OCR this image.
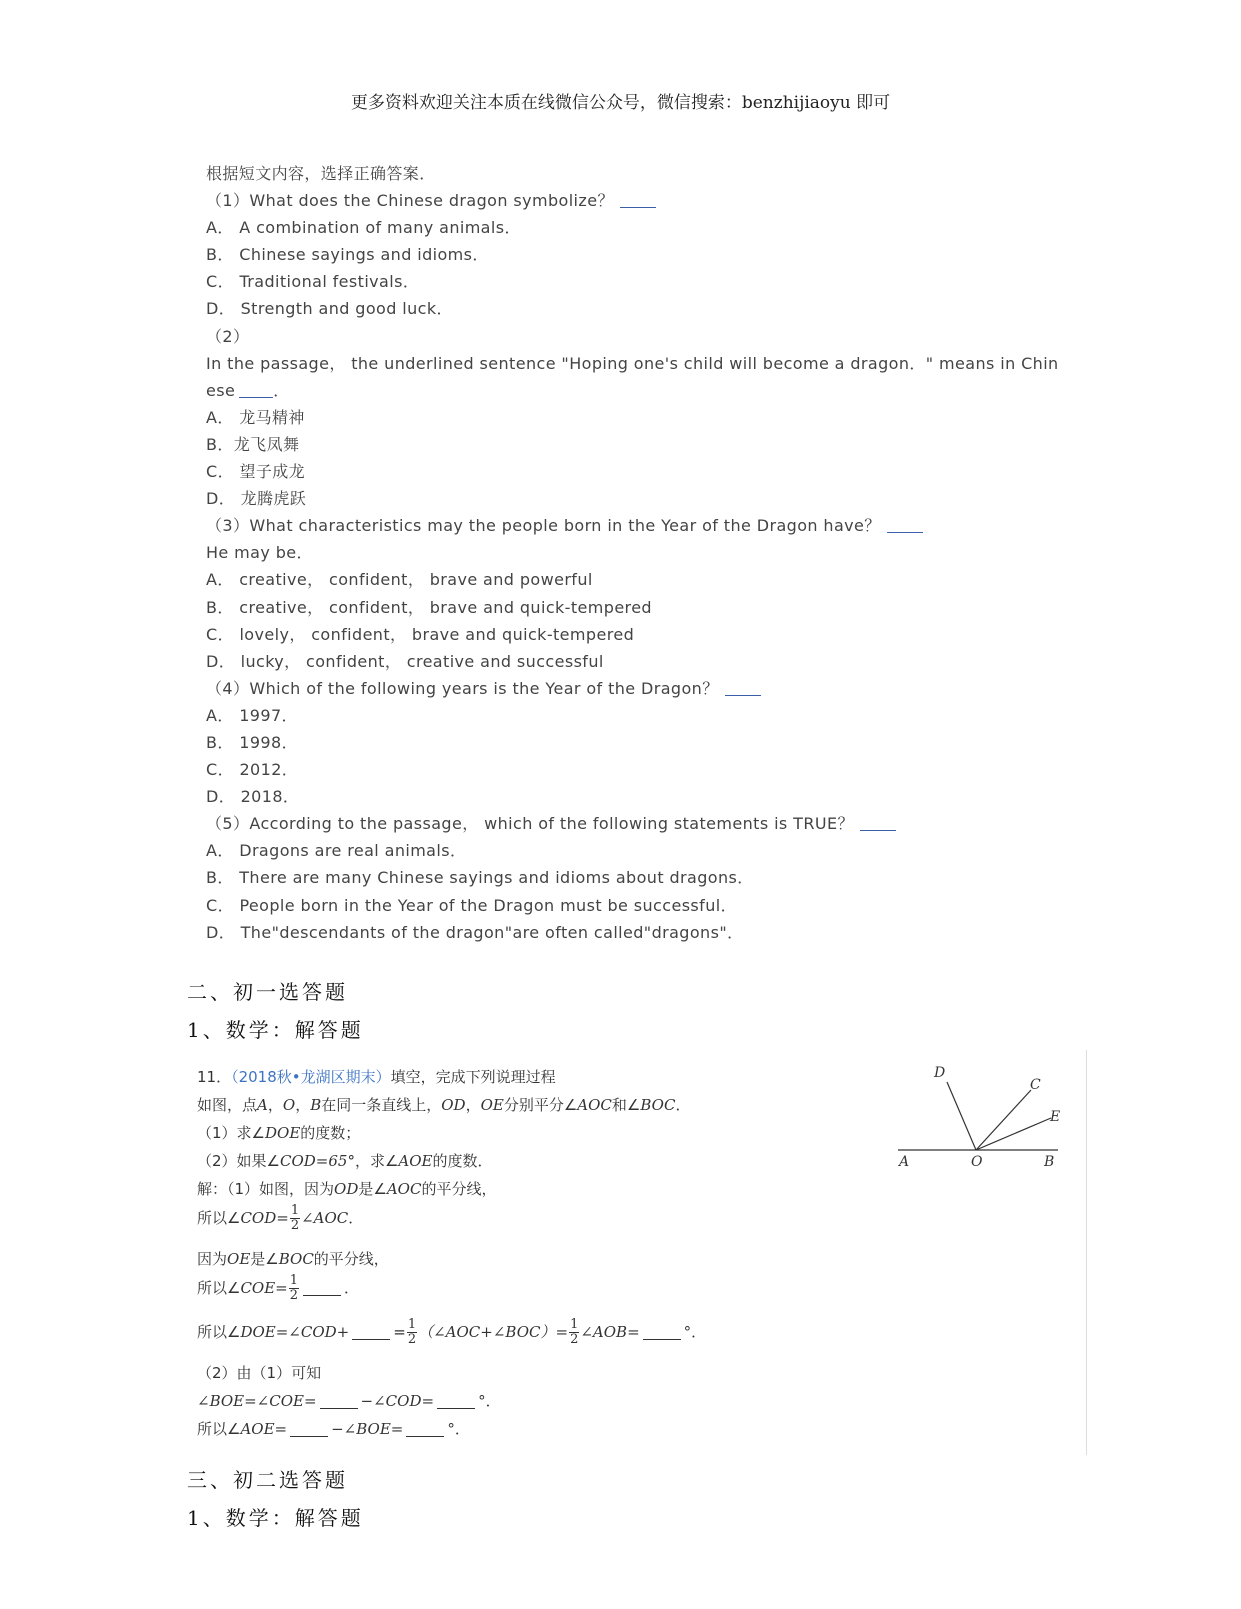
更多资料欢迎关注本质在线微信公众号，微信搜索：benzhijiaoyu 即可
根据短文内容，选择正确答案．
（1）What does the Chinese dragon symbolize？
A． A combination of many animals．
B． Chinese sayings and idioms．
C． Traditional festivals．
D． Strength and good luck．
（2）
In the passage， the underlined sentence "Hoping one's child will become a dragon．" means in Chin
ese ．
A． 龙马精神
B．龙飞凤舞
C． 望子成龙
D． 龙腾虎跃
（3）What characteristics may the people born in the Year of the Dragon have？
He may be．
A． creative， confident， brave and powerful
B． creative， confident， brave and quick-tempered
C． lovely， confident， brave and quick-tempered
D． lucky， confident， creative and successful
（4）Which of the following years is the Year of the Dragon？
A． 1997．
B． 1998．
C． 2012．
D． 2018．
（5）According to the passage， which of the following statements is TRUE？
A． Dragons are real animals．
B． There are many Chinese sayings and idioms about dragons．
C． People born in the Year of the Dragon must be successful．
D． The"descendants of the dragon"are often called"dragons"．
二、初一选答题
1、数学：解答题
11．（2018秋•龙湖区期末）填空，完成下列说理过程
如图，点A，O，B在同一条直线上，OD，OE分别平分∠AOC和∠BOC．
（1）求∠DOE的度数；
（2）如果∠COD=65°，求∠AOE的度数．
解：（1）如图，因为OD是∠AOC的平分线，
所以∠COD= $\frac{1}{2}$ ∠AOC．
因为OE是∠BOC的平分线，
所以∠COE= $\frac{1}{2}$	．
所以∠DOE=∠COD+	= $\frac{1}{2}$ （∠AOC+∠BOC）= $\frac{1}{2}$ ∠AOB=	°．
（2）由（1）可知
∠BOE=∠COE=	−∠COD=	°．
所以∠AOE=	−∠BOE=	°．
D
C
E
A	O	B
三、初二选答题
1、数学：解答题
